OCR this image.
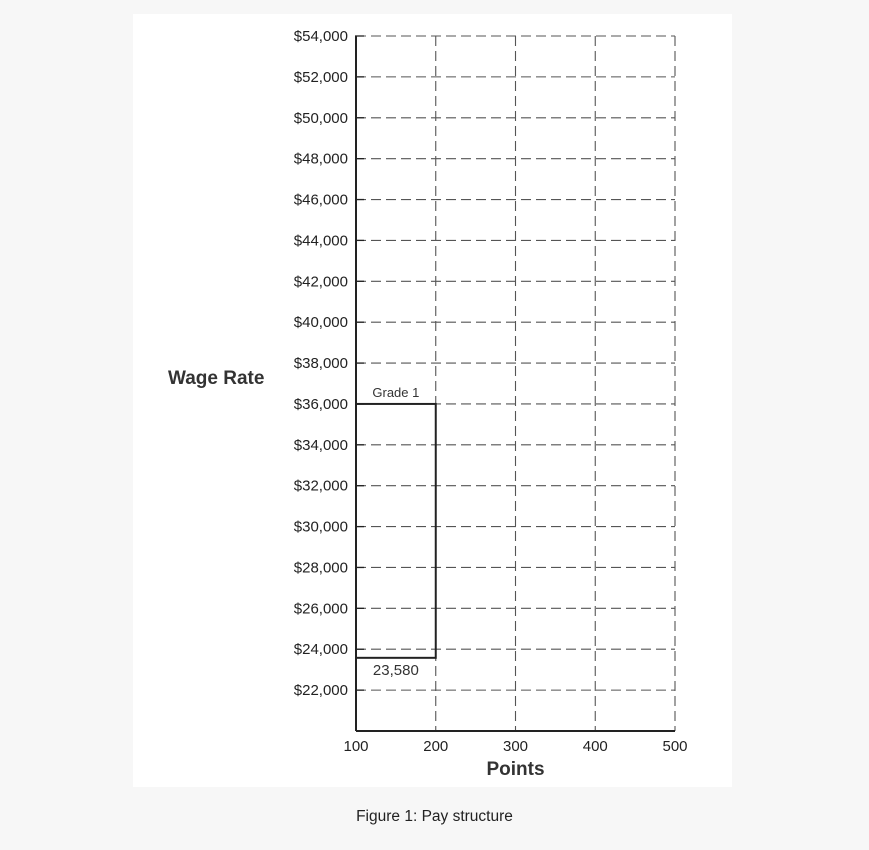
$22,000
$24,000
$26,000
$28,000
$30,000
$32,000
$34,000
$36,000
$38,000
$40,000
$42,000
$44,000
$46,000
$48,000
$50,000
$52,000
$54,000
100	200	300	400	500
Grade 1
23,580
Wage Rate
Points
Figure 1: Pay structure
